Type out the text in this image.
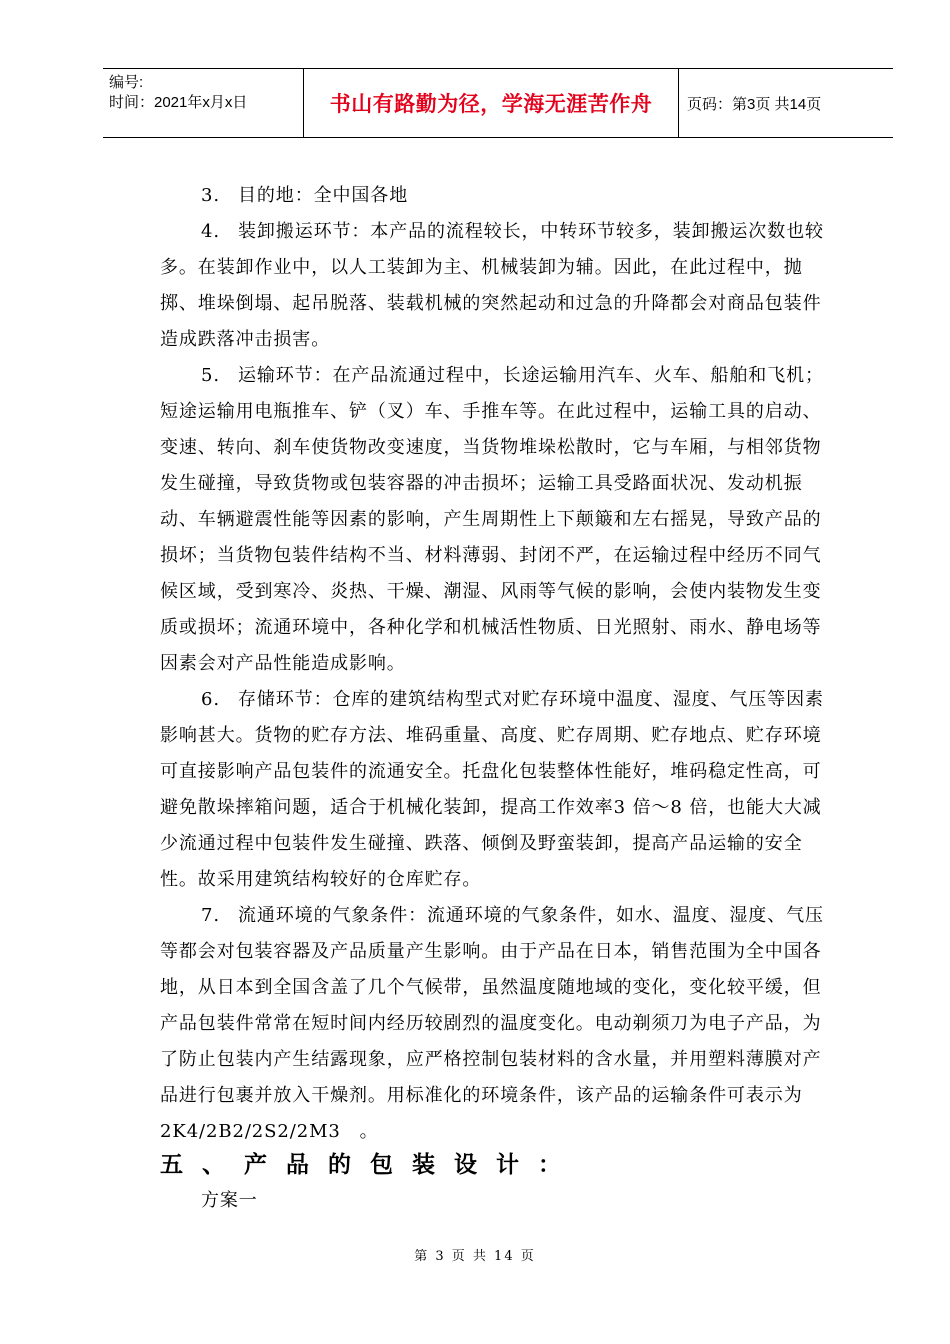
编号:
时间：2021年x月x日	书山有路勤为径，学海无涯苦作舟	页码：第3页 共14页

3. 目的地：全中国各地

4. 装卸搬运环节：本产品的流程较长，中转环节较多，装卸搬运次数也较多。在装卸作业中，以人工装卸为主、机械装卸为辅。因此，在此过程中，抛掷、堆垛倒塌、起吊脱落、装载机械的突然起动和过急的升降都会对商品包装件造成跌落冲击损害。

5. 运输环节：在产品流通过程中，长途运输用汽车、火车、船舶和飞机；短途运输用电瓶推车、铲（叉）车、手推车等。在此过程中，运输工具的启动、变速、转向、刹车使货物改变速度，当货物堆垛松散时，它与车厢，与相邻货物发生碰撞，导致货物或包装容器的冲击损坏；运输工具受路面状况、发动机振动、车辆避震性能等因素的影响，产生周期性上下颠簸和左右摇晃，导致产品的损坏；当货物包装件结构不当、材料薄弱、封闭不严，在运输过程中经历不同气候区域，受到寒冷、炎热、干燥、潮湿、风雨等气候的影响，会使内装物发生变质或损坏；流通环境中，各种化学和机械活性物质、日光照射、雨水、静电场等因素会对产品性能造成影响。

6. 存储环节：仓库的建筑结构型式对贮存环境中温度、湿度、气压等因素影响甚大。货物的贮存方法、堆码重量、高度、贮存周期、贮存地点、贮存环境可直接影响产品包装件的流通安全。托盘化包装整体性能好，堆码稳定性高，可避免散垛摔箱问题，适合于机械化装卸，提高工作效率3 倍～8 倍，也能大大减少流通过程中包装件发生碰撞、跌落、倾倒及野蛮装卸，提高产品运输的安全性。故采用建筑结构较好的仓库贮存。

7. 流通环境的气象条件：流通环境的气象条件，如水、温度、湿度、气压等都会对包装容器及产品质量产生影响。由于产品在日本，销售范围为全中国各地，从日本到全国含盖了几个气候带，虽然温度随地域的变化，变化较平缓，但产品包装件常常在短时间内经历较剧烈的温度变化。电动剃须刀为电子产品，为了防止包装内产生结露现象，应严格控制包装材料的含水量，并用塑料薄膜对产品进行包裹并放入干燥剂。用标准化的环境条件，该产品的运输条件可表示为2K4/2B2/2S2/2M3　。

五、产品的包装设计：

方案一

第 3 页 共 14 页
